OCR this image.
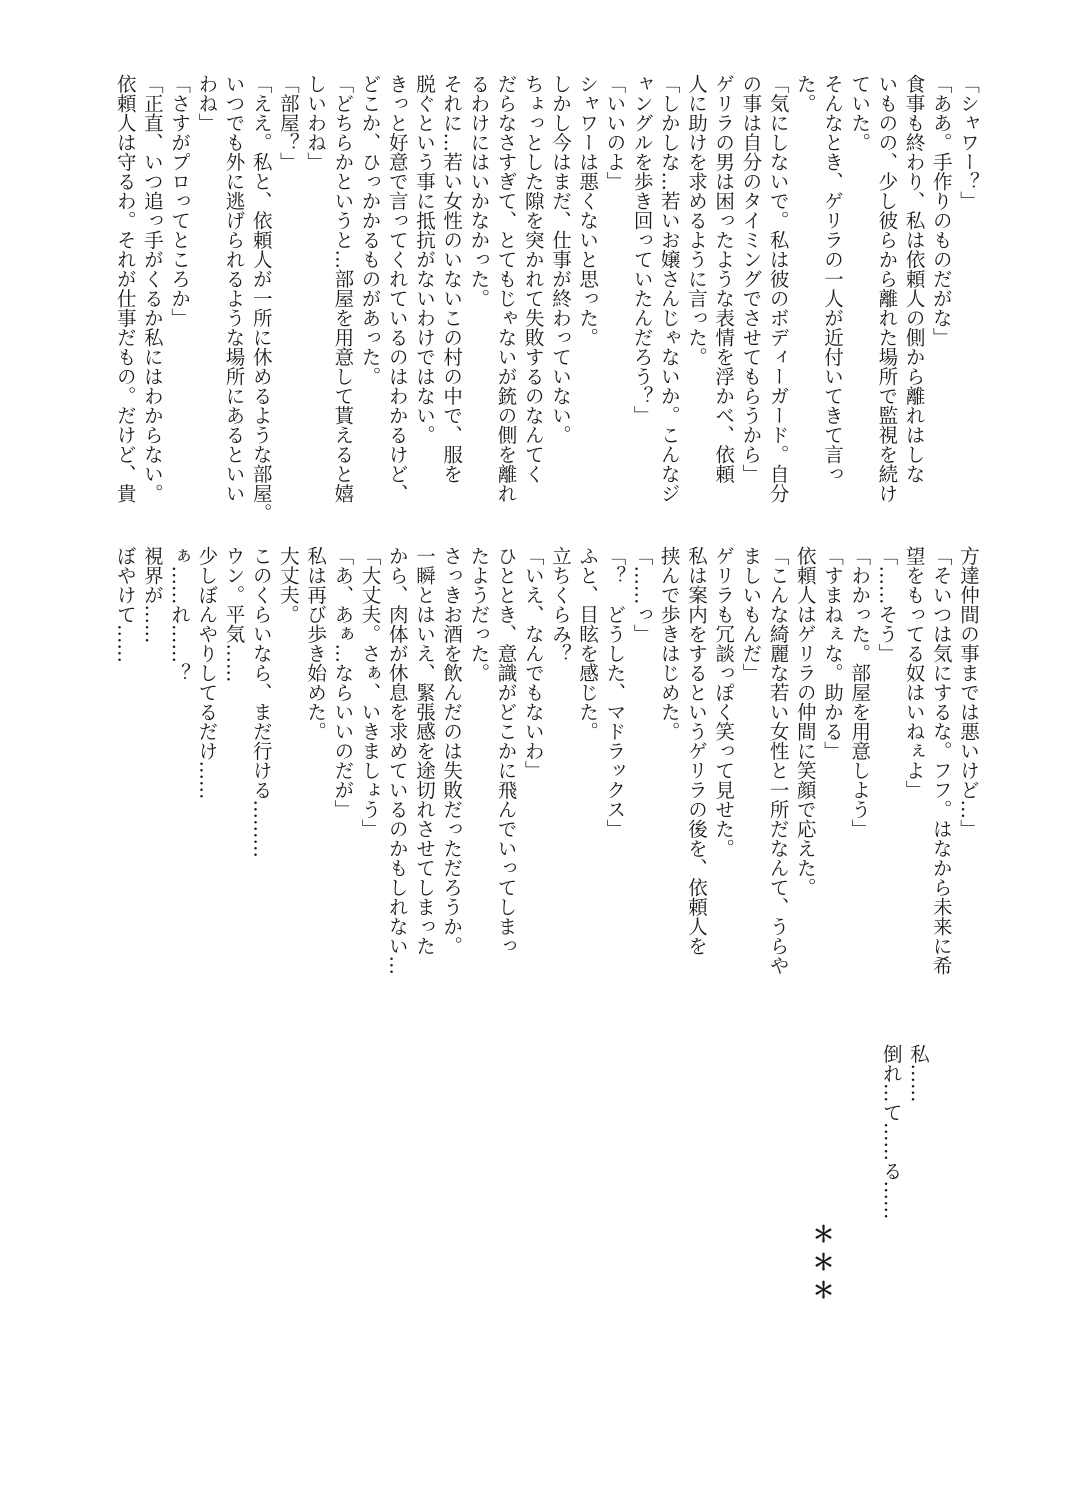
「シャワー？」
「ああ。手作りのものだがな」
食事も終わり、私は依頼人の側から離れはしな
いものの、少し彼らから離れた場所で監視を続け
ていた。
そんなとき、ゲリラの一人が近付いてきて言っ
た。
「気にしないで。私は彼のボディーガード。自分
の事は自分のタイミングでさせてもらうから」
ゲリラの男は困ったような表情を浮かべ、依頼
人に助けを求めるように言った。
「しかしな…若いお嬢さんじゃないか。こんなジ
ャングルを歩き回っていたんだろう？」
「いいのよ」
シャワーは悪くないと思った。
しかし今はまだ、仕事が終わっていない。
ちょっとした隙を突かれて失敗するのなんてく
だらなさすぎて、とてもじゃないが銃の側を離れ
るわけにはいかなかった。
それに…若い女性のいないこの村の中で、服を
脱ぐという事に抵抗がないわけではない。
きっと好意で言ってくれているのはわかるけど、
どこか、ひっかかるものがあった。
「どちらかというと…部屋を用意して貰えると嬉
しいわね」
「部屋？」
「ええ。私と、依頼人が一所に休めるような部屋。
いつでも外に逃げられるような場所にあるといい
わね」
「さすがプロってところか」
「正直、いつ追っ手がくるか私にはわからない。
依頼人は守るわ。それが仕事だもの。だけど、貴
方達仲間の事までは悪いけど…」
「そいつは気にするな。フフ。はなから未来に希
望をもってる奴はいねぇよ」
「……そう」
「わかった。部屋を用意しよう」
「すまねぇな。助かる」
依頼人はゲリラの仲間に笑顔で応えた。
「こんな綺麗な若い女性と一所だなんて、うらや
ましいもんだ」
ゲリラも冗談っぽく笑って見せた。
私は案内をするというゲリラの後を、依頼人を
挟んで歩きはじめた。
「……っ」
「？　どうした、マドラックス」
ふと、目眩を感じた。
立ちくらみ？
「いえ、なんでもないわ」
ひととき、意識がどこかに飛んでいってしまっ
たようだった。
さっきお酒を飲んだのは失敗だっただろうか。
一瞬とはいえ、緊張感を途切れさせてしまった
から、肉体が休息を求めているのかもしれない…
「大丈夫。さぁ、いきましょう」
「あ、あぁ…ならいいのだが」
私は再び歩き始めた。
大丈夫。
このくらいなら、まだ行ける………
ウン。平気……
少しぼんやりしてるだけ……
ぁ……れ……？
視界が……
ぼやけて……

＊＊＊
私……
倒れ…て……る……
